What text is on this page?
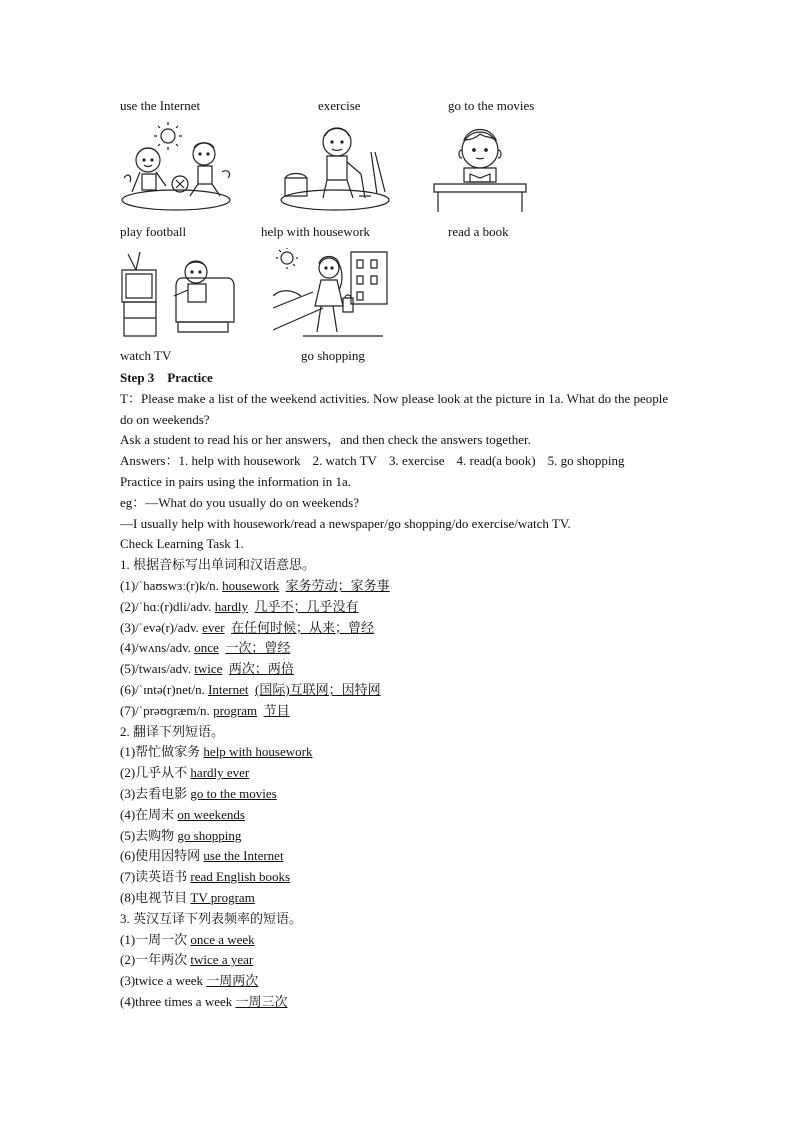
use the Internet	exercise	go to the movies
play football	help with housework	read a book
watch TV	go shopping
Step 3　Practice
T：Please make a list of the weekend activities. Now please look at the picture in 1a. What do the people do on weekends?
Ask a student to read his or her answers，and then check the answers together.
Answers：1. help with housework 2. watch TV 3. exercise 4. read(a book) 5. go shopping
Practice in pairs using the information in 1a.
eg：—What do you usually do on weekends?
—I usually help with housework/read a newspaper/go shopping/do exercise/watch TV.
Check Learning Task 1.
1. 根据音标写出单词和汉语意思。
(1)/ˈhaʊswɜː(r)k/n. housework 家务劳动；家务事
(2)/ˈhɑː(r)dli/adv. hardly 几乎不；几乎没有
(3)/ˈevə(r)/adv. ever 在任何时候；从来；曾经
(4)/wʌns/adv. once 一次；曾经
(5)/twaɪs/adv. twice 两次；两倍
(6)/ˈɪntə(r)net/n. Internet (国际)互联网；因特网
(7)/ˈprəʊɡræm/n. program 节目
2. 翻译下列短语。
(1)帮忙做家务 help with housework
(2)几乎从不 hardly ever
(3)去看电影 go to the movies
(4)在周末 on weekends
(5)去购物 go shopping
(6)使用因特网 use the Internet
(7)读英语书 read English books
(8)电视节目 TV program
3. 英汉互译下列表频率的短语。
(1)一周一次 once a week
(2)一年两次 twice a year
(3)twice a week 一周两次
(4)three times a week 一周三次
